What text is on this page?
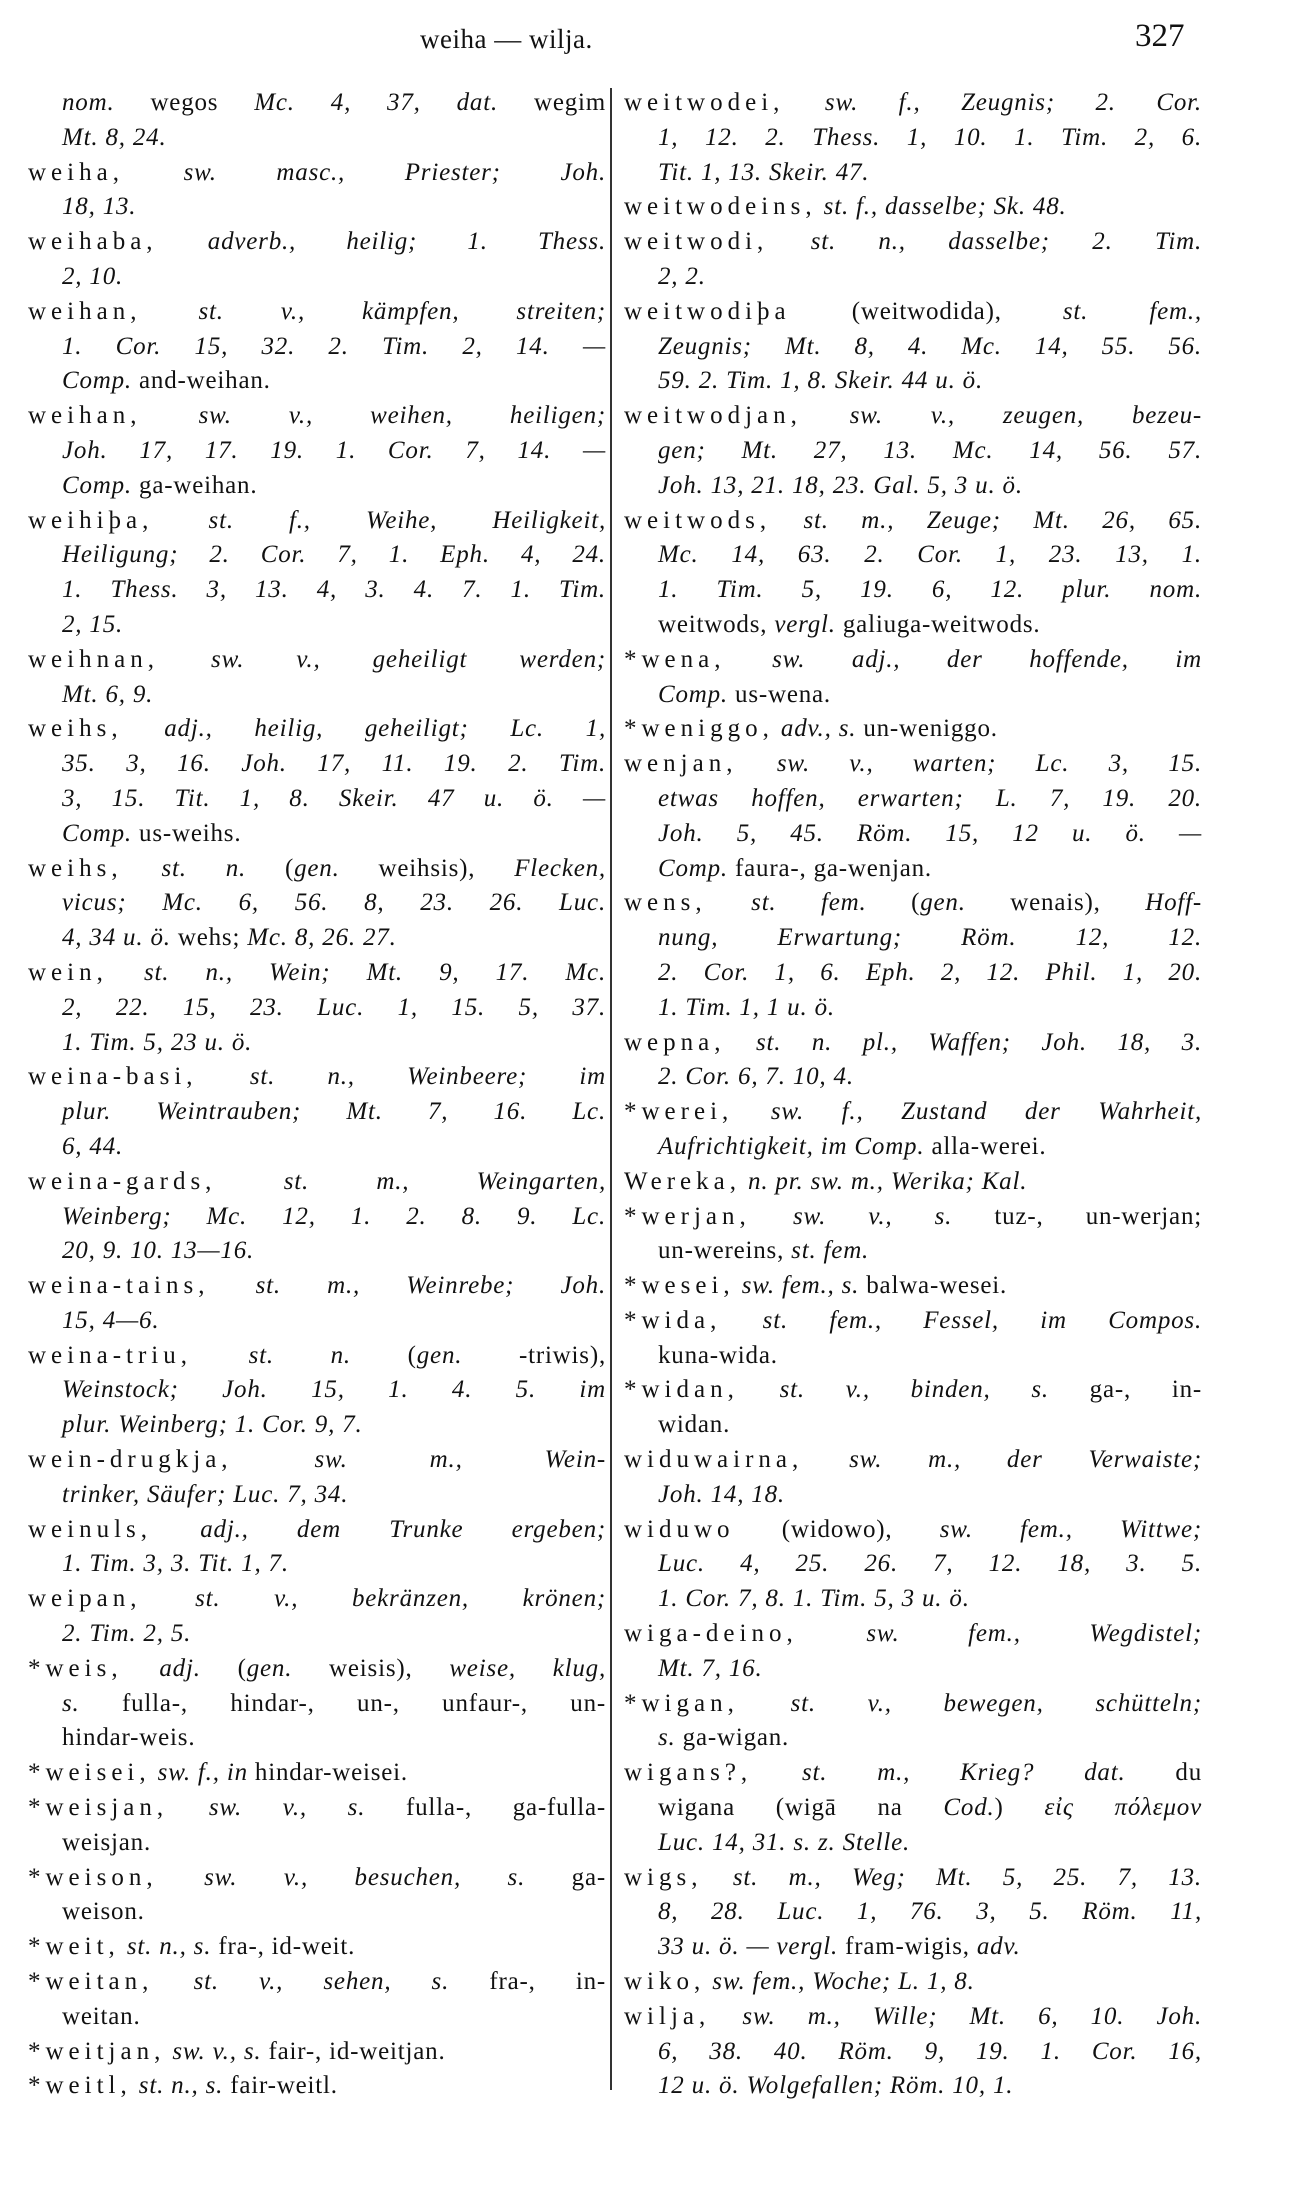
weiha — wilja.	327
nom. wegos Mc. 4, 37, dat. wegim
Mt. 8, 24.
weiha, sw. masc., Priester; Joh.
18, 13.
weihaba, adverb., heilig; 1. Thess.
2, 10.
weihan, st. v., kämpfen, streiten;
1. Cor. 15, 32. 2. Tim. 2, 14. —
Comp. and-weihan.
weihan, sw. v., weihen, heiligen;
Joh. 17, 17. 19. 1. Cor. 7, 14. —
Comp. ga-weihan.
weihiþa, st. f., Weihe, Heiligkeit,
Heiligung; 2. Cor. 7, 1. Eph. 4, 24.
1. Thess. 3, 13. 4, 3. 4. 7. 1. Tim.
2, 15.
weihnan, sw. v., geheiligt werden;
Mt. 6, 9.
weihs, adj., heilig, geheiligt; Lc. 1,
35. 3, 16. Joh. 17, 11. 19. 2. Tim.
3, 15. Tit. 1, 8. Skeir. 47 u. ö. —
Comp. us-weihs.
weihs, st. n. (gen. weihsis), Flecken,
vicus; Mc. 6, 56. 8, 23. 26. Luc.
4, 34 u. ö. wehs; Mc. 8, 26. 27.
wein, st. n., Wein; Mt. 9, 17. Mc.
2, 22. 15, 23. Luc. 1, 15. 5, 37.
1. Tim. 5, 23 u. ö.
weina-basi, st. n., Weinbeere; im
plur. Weintrauben; Mt. 7, 16. Lc.
6, 44.
weina-gards, st. m., Weingarten,
Weinberg; Mc. 12, 1. 2. 8. 9. Lc.
20, 9. 10. 13—16.
weina-tains, st. m., Weinrebe; Joh.
15, 4—6.
weina-triu, st. n. (gen. -triwis),
Weinstock; Joh. 15, 1. 4. 5. im
plur. Weinberg; 1. Cor. 9, 7.
wein-drugkja, sw. m., Wein-
trinker, Säufer; Luc. 7, 34.
weinuls, adj., dem Trunke ergeben;
1. Tim. 3, 3. Tit. 1, 7.
weipan, st. v., bekränzen, krönen;
2. Tim. 2, 5.
*weis, adj. (gen. weisis), weise, klug,
s. fulla-, hindar-, un-, unfaur-, un-
hindar-weis.
*weisei, sw. f., in hindar-weisei.
*weisjan, sw. v., s. fulla-, ga-fulla-
weisjan.
*weison, sw. v., besuchen, s. ga-
weison.
*weit, st. n., s. fra-, id-weit.
*weitan, st. v., sehen, s. fra-, in-
weitan.
*weitjan, sw. v., s. fair-, id-weitjan.
*weitl, st. n., s. fair-weitl.
weitwodei, sw. f., Zeugnis; 2. Cor.
1, 12. 2. Thess. 1, 10. 1. Tim. 2, 6.
Tit. 1, 13. Skeir. 47.
weitwodeins, st. f., dasselbe; Sk. 48.
weitwodi, st. n., dasselbe; 2. Tim.
2, 2.
weitwodiþa (weitwodida), st. fem.,
Zeugnis; Mt. 8, 4. Mc. 14, 55. 56.
59. 2. Tim. 1, 8. Skeir. 44 u. ö.
weitwodjan, sw. v., zeugen, bezeu-
gen; Mt. 27, 13. Mc. 14, 56. 57.
Joh. 13, 21. 18, 23. Gal. 5, 3 u. ö.
weitwods, st. m., Zeuge; Mt. 26, 65.
Mc. 14, 63. 2. Cor. 1, 23. 13, 1.
1. Tim. 5, 19. 6, 12. plur. nom.
weitwods, vergl. galiuga-weitwods.
*wena, sw. adj., der hoffende, im
Comp. us-wena.
*weniggo, adv., s. un-weniggo.
wenjan, sw. v., warten; Lc. 3, 15.
etwas hoffen, erwarten; L. 7, 19. 20.
Joh. 5, 45. Röm. 15, 12 u. ö. —
Comp. faura-, ga-wenjan.
wens, st. fem. (gen. wenais), Hoff-
nung, Erwartung; Röm. 12, 12.
2. Cor. 1, 6. Eph. 2, 12. Phil. 1, 20.
1. Tim. 1, 1 u. ö.
wepna, st. n. pl., Waffen; Joh. 18, 3.
2. Cor. 6, 7. 10, 4.
*werei, sw. f., Zustand der Wahrheit,
Aufrichtigkeit, im Comp. alla-werei.
Wereka, n. pr. sw. m., Werika; Kal.
*werjan, sw. v., s. tuz-, un-werjan;
un-wereins, st. fem.
*wesei, sw. fem., s. balwa-wesei.
*wida, st. fem., Fessel, im Compos.
kuna-wida.
*widan, st. v., binden, s. ga-, in-
widan.
widuwairna, sw. m., der Verwaiste;
Joh. 14, 18.
widuwo (widowo), sw. fem., Wittwe;
Luc. 4, 25. 26. 7, 12. 18, 3. 5.
1. Cor. 7, 8. 1. Tim. 5, 3 u. ö.
wiga-deino, sw. fem., Wegdistel;
Mt. 7, 16.
*wigan, st. v., bewegen, schütteln;
s. ga-wigan.
wigans?, st. m., Krieg? dat. du
wigana (wigā na Cod.) εἰς πόλεμον
Luc. 14, 31. s. z. Stelle.
wigs, st. m., Weg; Mt. 5, 25. 7, 13.
8, 28. Luc. 1, 76. 3, 5. Röm. 11,
33 u. ö. — vergl. fram-wigis, adv.
wiko, sw. fem., Woche; L. 1, 8.
wilja, sw. m., Wille; Mt. 6, 10. Joh.
6, 38. 40. Röm. 9, 19. 1. Cor. 16,
12 u. ö. Wolgefallen; Röm. 10, 1.
